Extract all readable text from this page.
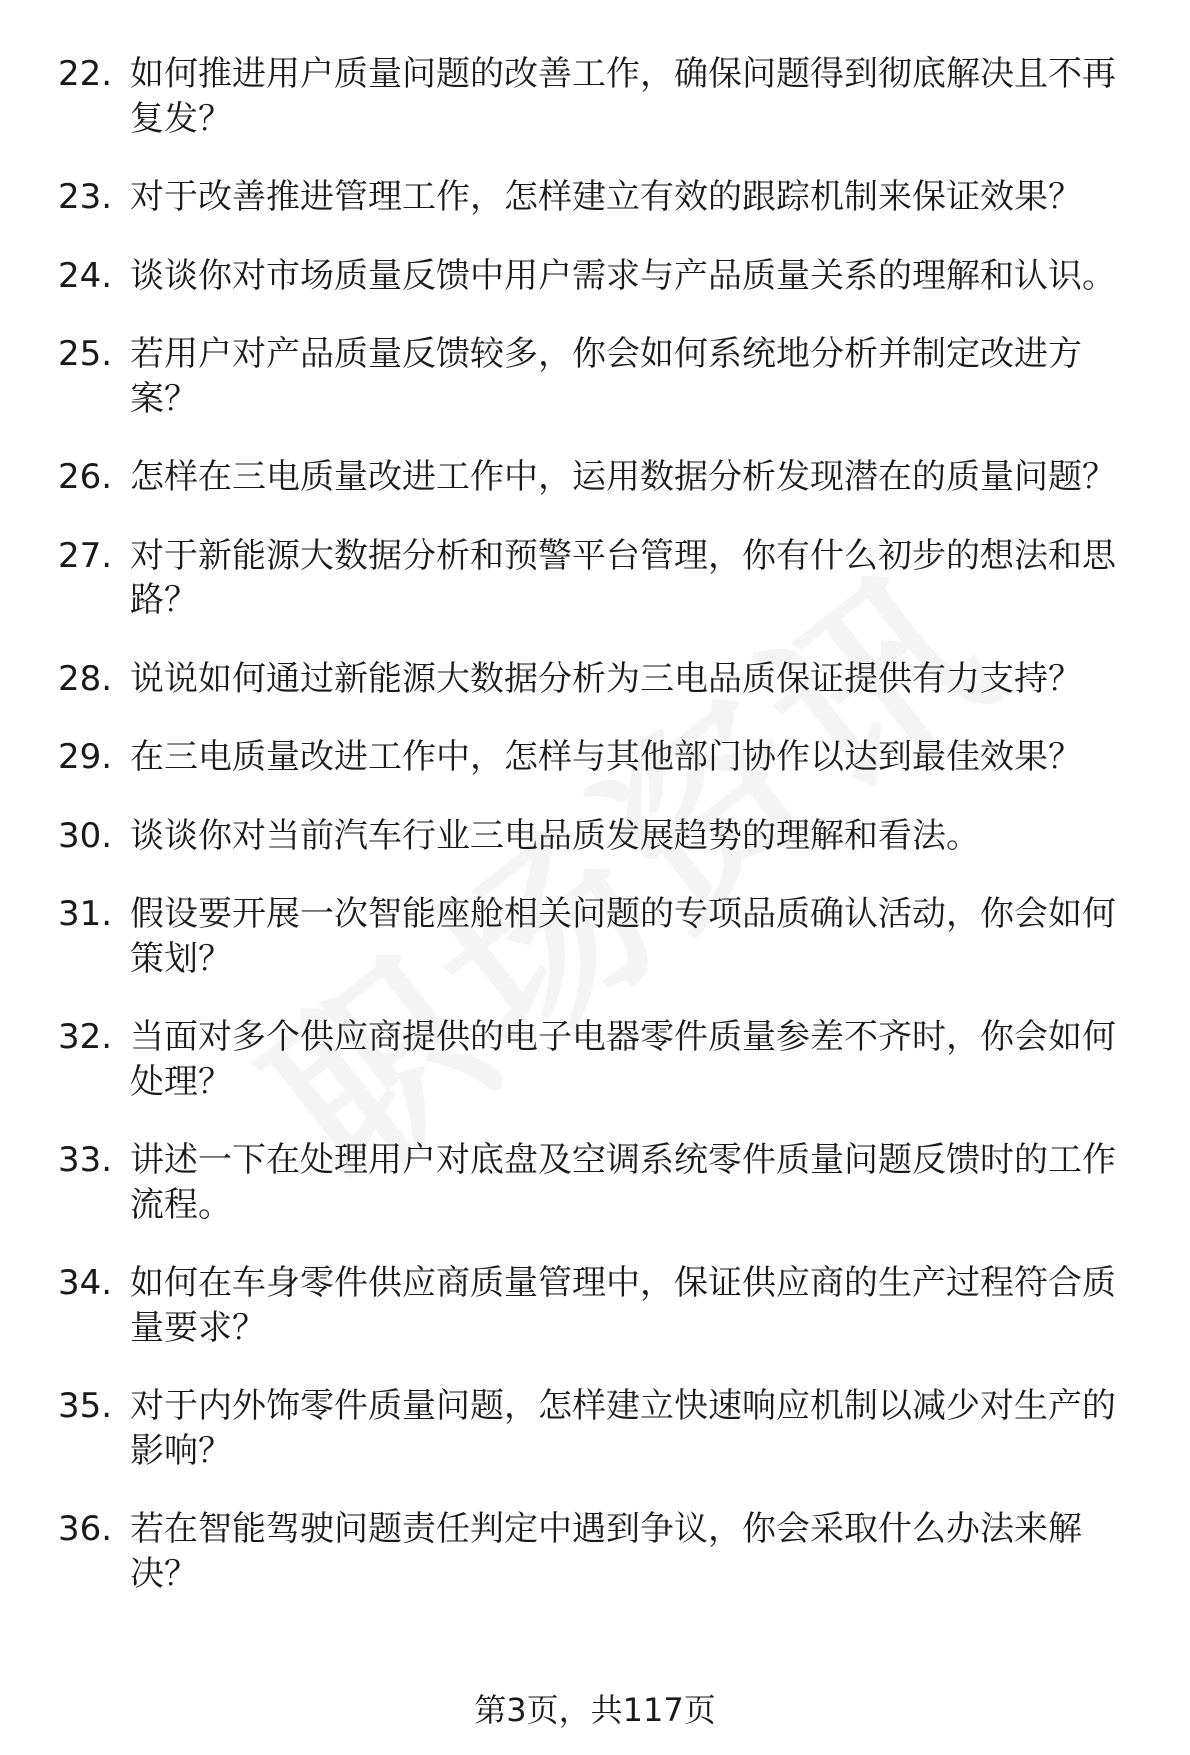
22. 如何推进用户质量问题的改善工作，确保问题得到彻底解决且不再复发？
23. 对于改善推进管理工作，怎样建立有效的跟踪机制来保证效果？
24. 谈谈你对市场质量反馈中用户需求与产品质量关系的理解和认识。
25. 若用户对产品质量反馈较多，你会如何系统地分析并制定改进方案？
26. 怎样在三电质量改进工作中，运用数据分析发现潜在的质量问题？
27. 对于新能源大数据分析和预警平台管理，你有什么初步的想法和思路？
28. 说说如何通过新能源大数据分析为三电品质保证提供有力支持？
29. 在三电质量改进工作中，怎样与其他部门协作以达到最佳效果？
30. 谈谈你对当前汽车行业三电品质发展趋势的理解和看法。
31. 假设要开展一次智能座舱相关问题的专项品质确认活动，你会如何策划？
32. 当面对多个供应商提供的电子电器零件质量参差不齐时，你会如何处理？
33. 讲述一下在处理用户对底盘及空调系统零件质量问题反馈时的工作流程。
34. 如何在车身零件供应商质量管理中，保证供应商的生产过程符合质量要求？
35. 对于内外饰零件质量问题，怎样建立快速响应机制以减少对生产的影响？
36. 若在智能驾驶问题责任判定中遇到争议，你会采取什么办法来解决？
第3页，共117页
